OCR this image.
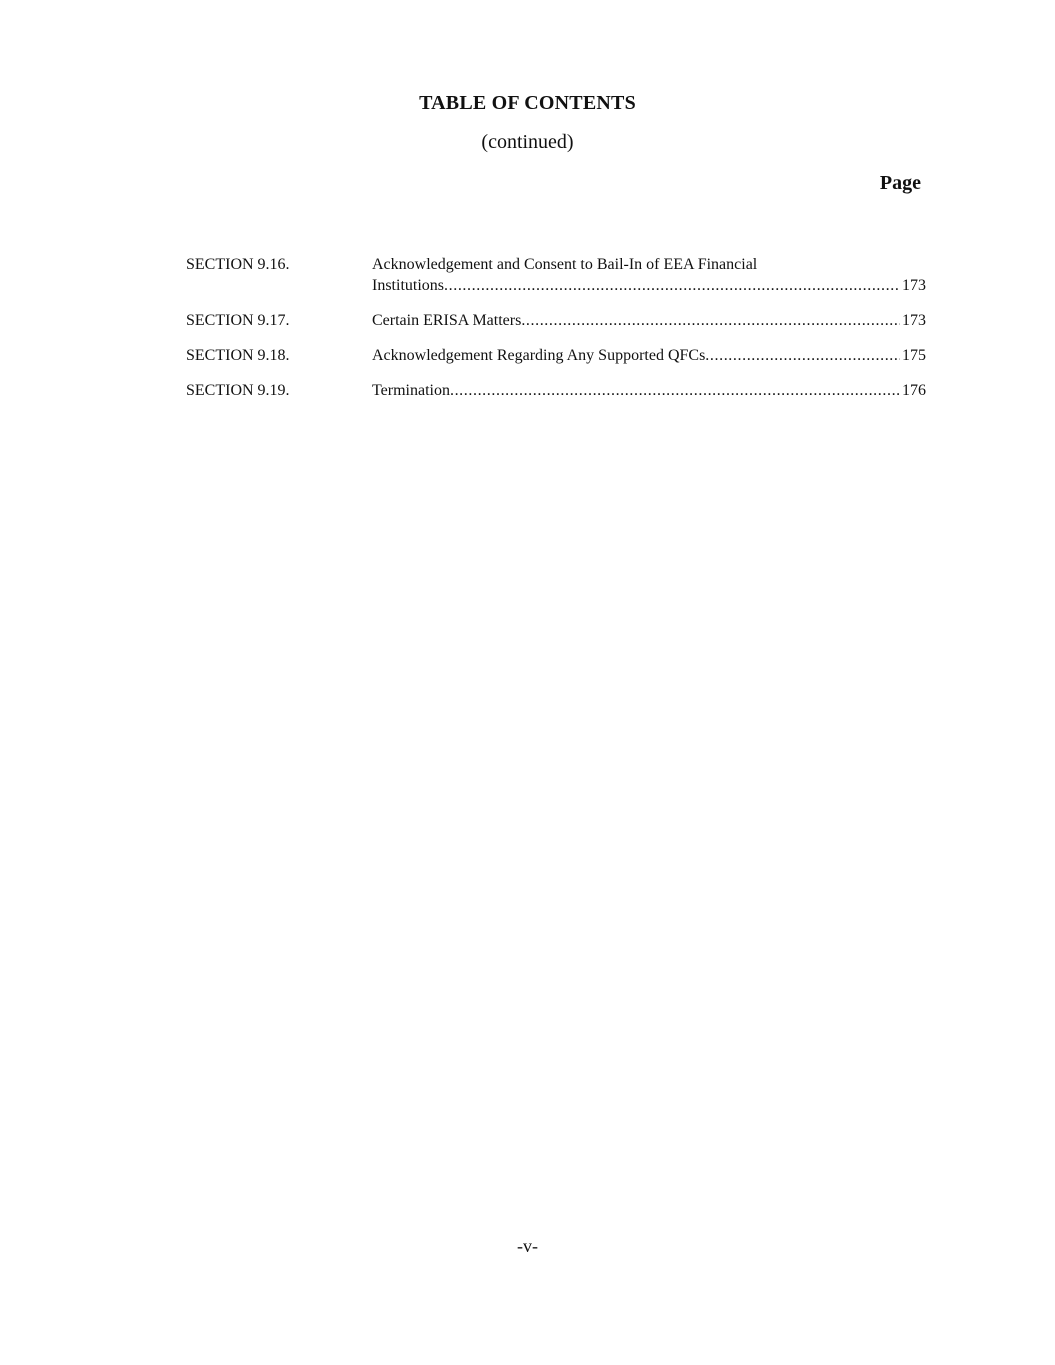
TABLE OF CONTENTS
(continued)
Page
SECTION 9.16.	Acknowledgement and Consent to Bail-In of EEA Financial
Institutions .....	173
SECTION 9.17.	Certain ERISA Matters .....	173
SECTION 9.18.	Acknowledgement Regarding Any Supported QFCs .....	175
SECTION 9.19.	Termination .....	176
-v-
